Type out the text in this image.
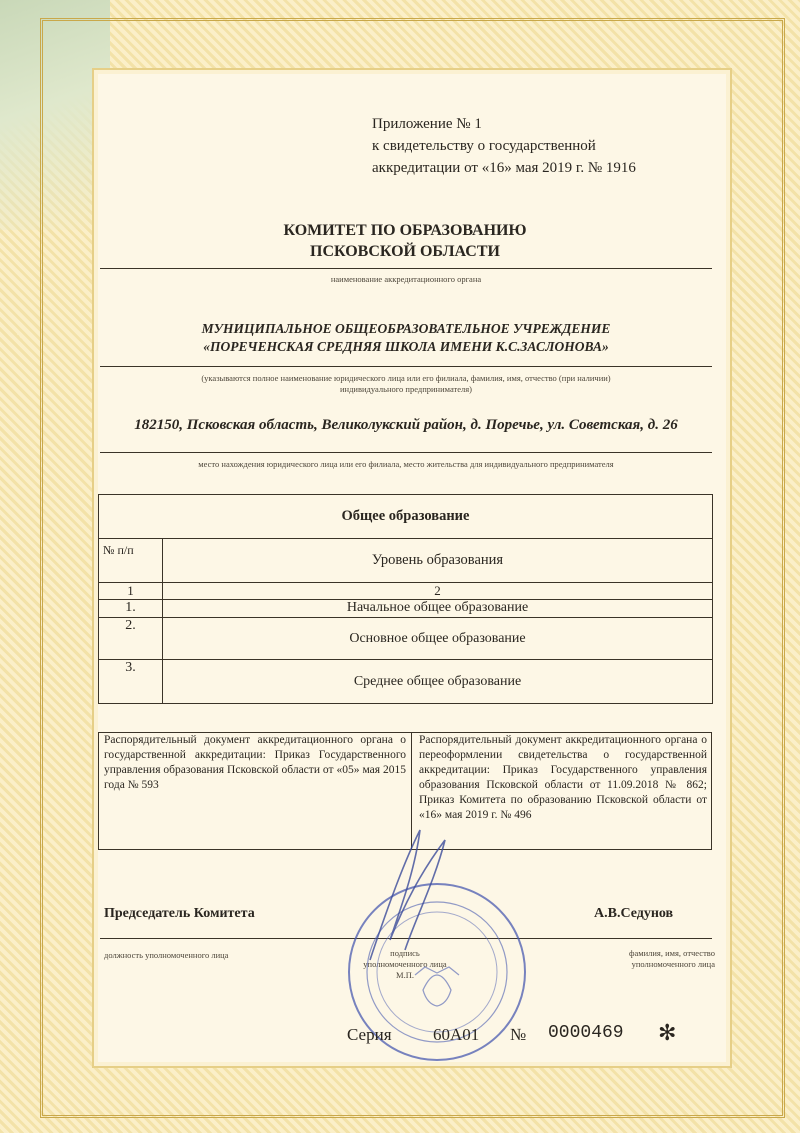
Приложение № 1
к свидетельству о государственной
аккредитации от «16» мая 2019 г. № 1916
КОМИТЕТ ПО ОБРАЗОВАНИЮ
ПСКОВСКОЙ ОБЛАСТИ
наименование аккредитационного органа
МУНИЦИПАЛЬНОЕ ОБЩЕОБРАЗОВАТЕЛЬНОЕ УЧРЕЖДЕНИЕ
«ПОРЕЧЕНСКАЯ СРЕДНЯЯ ШКОЛА ИМЕНИ К.С.ЗАСЛОНОВА»
(указываются полное наименование юридического лица или его филиала, фамилия, имя, отчество (при наличии)
индивидуального предпринимателя)
182150, Псковская область, Великолукский район, д. Поречье, ул. Советская, д. 26
место нахождения юридического лица или его филиала, место жительства для индивидуального предпринимателя
Общее образование	
№ п/п	Уровень образования
1	2
1.	Начальное общее образование
2.	Основное общее образование
3.	Среднее общее образование
Распорядительный документ аккредитационного органа о государственной аккредитации: Приказ Государственного управления образования Псковской области от «05» мая 2015 года № 593
Распорядительный документ аккредитационного органа о переоформлении свидетельства о государственной аккредитации: Приказ Государственного управления образования Псковской области от 11.09.2018 № 862; Приказ Комитета по образованию Псковской области от «16» мая 2019 г. № 496
Председатель Комитета	А.В.Седунов
должность уполномоченного лица	подпись
уполномоченного лица
М.П.
фамилия, имя, отчество
уполномоченного лица
Серия 60А01 № 0000469 ✻
